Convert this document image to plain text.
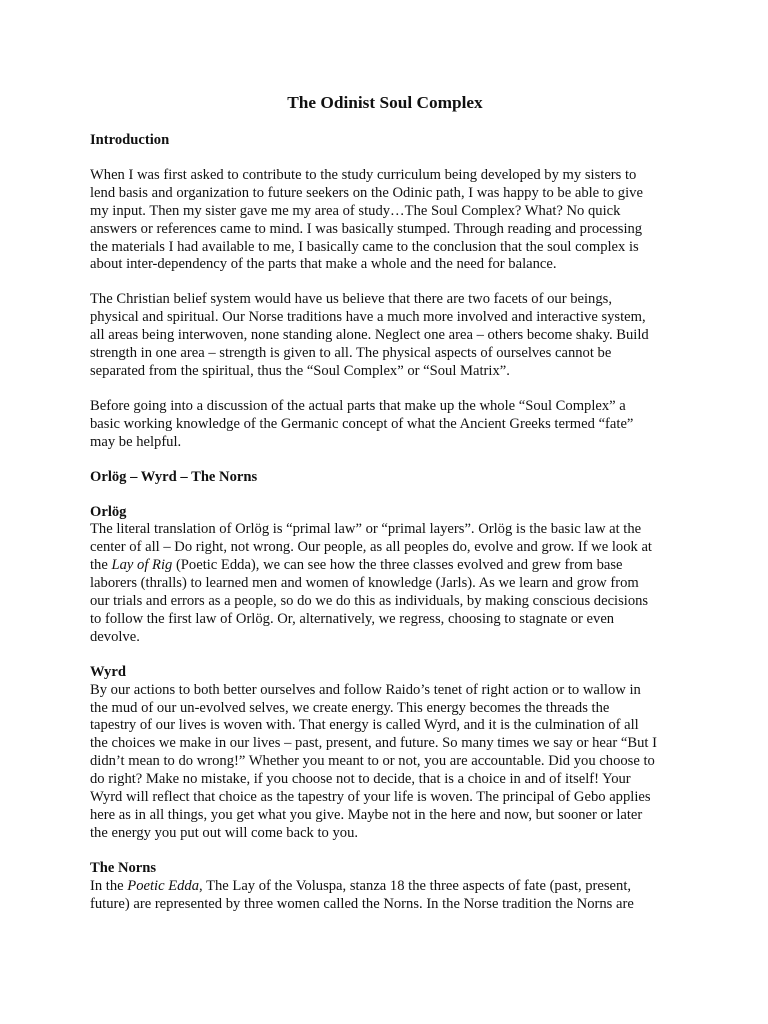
The Odinist Soul Complex
Introduction

When I was first asked to contribute to the study curriculum being developed by my sisters to
lend basis and organization to future seekers on the Odinic path, I was happy to be able to give
my input. Then my sister gave me my area of study…The Soul Complex? What? No quick
answers or references came to mind. I was basically stumped. Through reading and processing
the materials I had available to me, I basically came to the conclusion that the soul complex is
about inter-dependency of the parts that make a whole and the need for balance.

The Christian belief system would have us believe that there are two facets of our beings,
physical and spiritual. Our Norse traditions have a much more involved and interactive system,
all areas being interwoven, none standing alone. Neglect one area – others become shaky. Build
strength in one area – strength is given to all. The physical aspects of ourselves cannot be
separated from the spiritual, thus the “Soul Complex” or “Soul Matrix”.

Before going into a discussion of the actual parts that make up the whole “Soul Complex” a
basic working knowledge of the Germanic concept of what the Ancient Greeks termed “fate”
may be helpful.

Orlög – Wyrd – The Norns
Orlög

The literal translation of Orlög is “primal law” or “primal layers”. Orlög is the basic law at the
center of all – Do right, not wrong. Our people, as all peoples do, evolve and grow. If we look at
the Lay of Rig (Poetic Edda), we can see how the three classes evolved and grew from base
laborers (thralls) to learned men and women of knowledge (Jarls). As we learn and grow from
our trials and errors as a people, so do we do this as individuals, by making conscious decisions
to follow the first law of Orlög. Or, alternatively, we regress, choosing to stagnate or even
devolve.

Wyrd

By our actions to both better ourselves and follow Raido’s tenet of right action or to wallow in
the mud of our un-evolved selves, we create energy. This energy becomes the threads the
tapestry of our lives is woven with. That energy is called Wyrd, and it is the culmination of all
the choices we make in our lives – past, present, and future. So many times we say or hear “But I
didn’t mean to do wrong!” Whether you meant to or not, you are accountable. Did you choose to
do right? Make no mistake, if you choose not to decide, that is a choice in and of itself! Your
Wyrd will reflect that choice as the tapestry of your life is woven. The principal of Gebo applies
here as in all things, you get what you give. Maybe not in the here and now, but sooner or later
the energy you put out will come back to you.

The Norns

In the Poetic Edda, The Lay of the Voluspa, stanza 18 the three aspects of fate (past, present,
future) are represented by three women called the Norns. In the Norse tradition the Norns are
